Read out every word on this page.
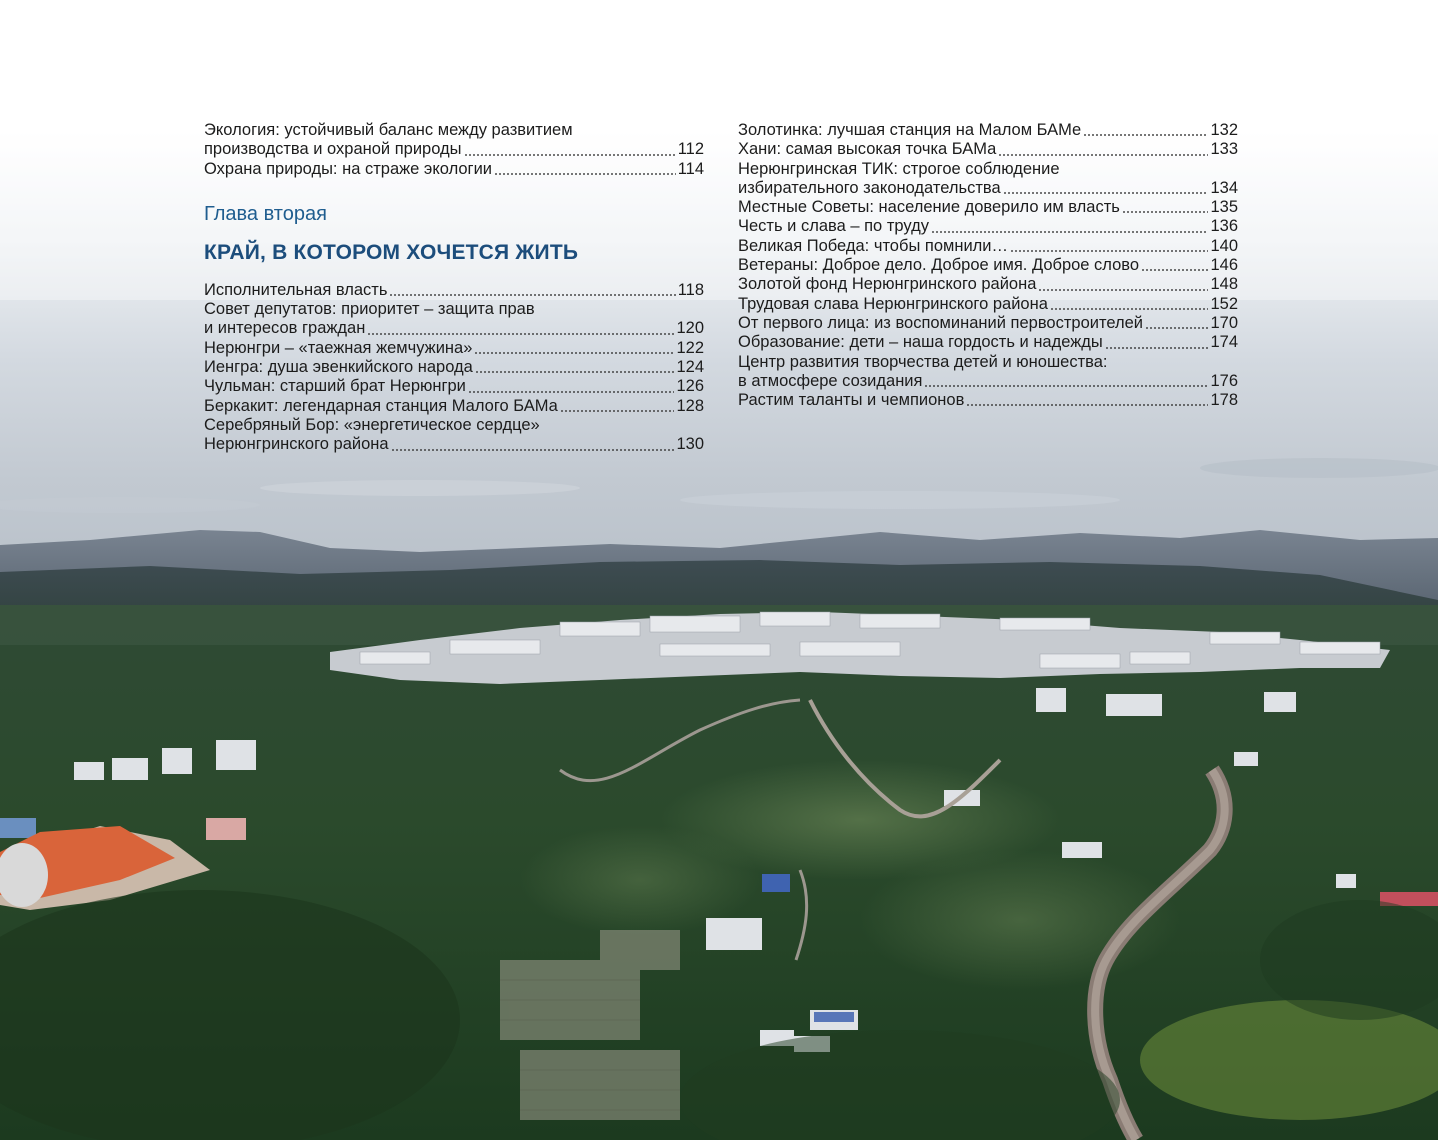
Экология: устойчивый баланс между развитием
производства и охраной природы	112
Охрана природы: на страже экологии	114
Глава вторая
КРАЙ, В КОТОРОМ ХОЧЕТСЯ ЖИТЬ
Исполнительная власть	118
Совет депутатов: приоритет – защита прав
и интересов граждан	120
Нерюнгри – «таежная жемчужина»	122
Иенгра: душа эвенкийского народа	124
Чульман: старший брат Нерюнгри	126
Беркакит: легендарная станция Малого БАМа	128
Серебряный Бор: «энергетическое сердце»
Нерюнгринского района	130
Золотинка: лучшая станция на Малом БАМе	132
Хани: самая высокая точка БАМа	133
Нерюнгринская ТИК: строгое соблюдение
избирательного законодательства	134
Местные Советы: население доверило им власть	135
Честь и слава – по труду	136
Великая Победа: чтобы помнили…	140
Ветераны: Доброе дело. Доброе имя. Доброе слово	146
Золотой фонд Нерюнгринского района	148
Трудовая слава Нерюнгринского района	152
От первого лица: из воспоминаний первостроителей	170
Образование: дети – наша гордость и надежды	174
Центр развития творчества детей и юношества:
в атмосфере созидания	176
Растим таланты и чемпионов	178
